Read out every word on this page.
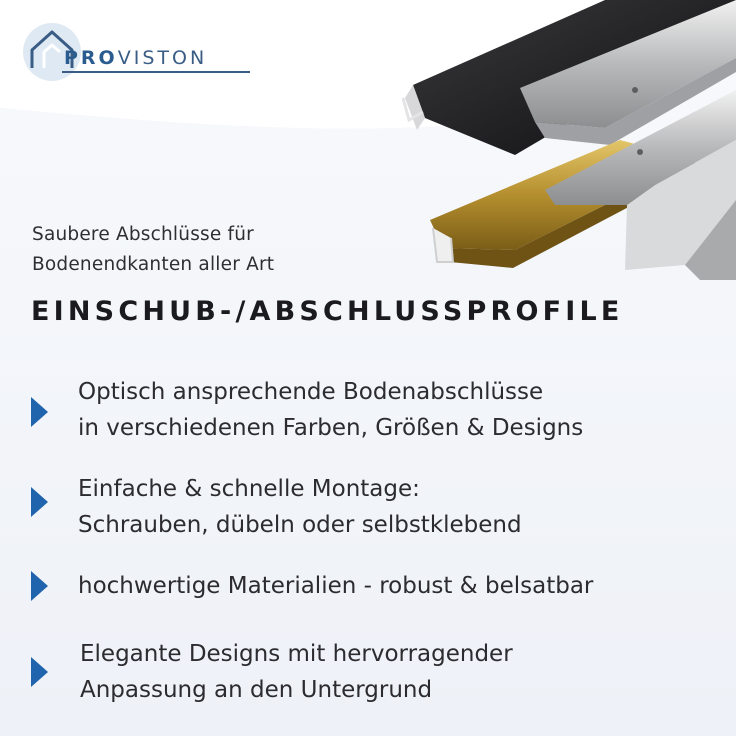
PROVISTON
Saubere Abschlüsse für
Bodenendkanten aller Art
EINSCHUB-/ABSCHLUSSPROFILE
Optisch ansprechende Bodenabschlüsse
in verschiedenen Farben, Größen & Designs
Einfache & schnelle Montage:
Schrauben, dübeln oder selbstklebend
hochwertige Materialien - robust & belsatbar
Elegante Designs mit hervorragender
Anpassung an den Untergrund
